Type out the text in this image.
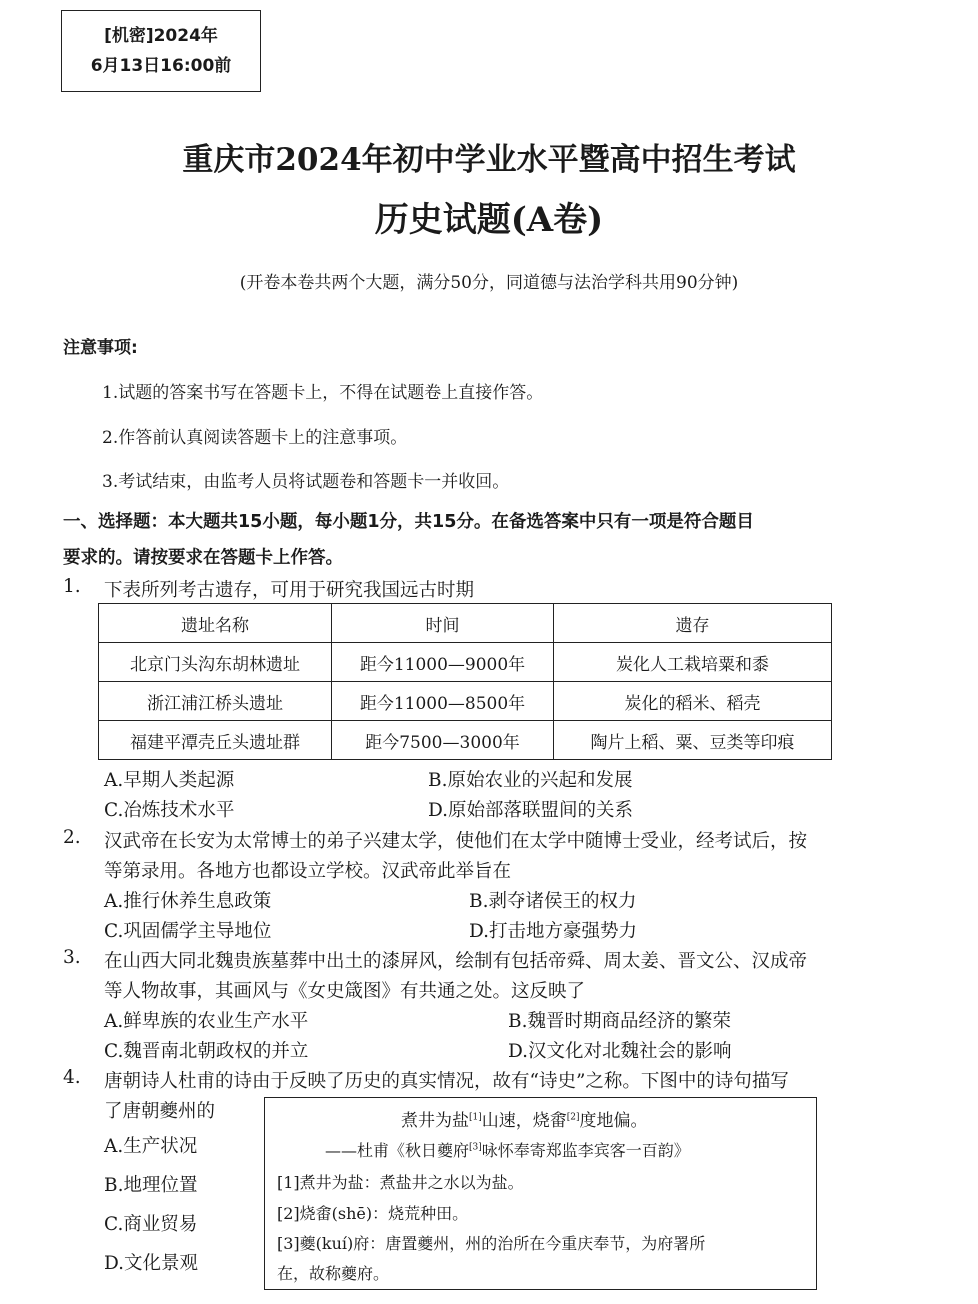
[机密]2024年
6月13日16:00前
重庆市2024年初中学业水平暨高中招生考试
历史试题(A卷)
(开卷本卷共两个大题，满分50分，同道德与法治学科共用90分钟)
注意事项:
1.试题的答案书写在答题卡上，不得在试题卷上直接作答。
2.作答前认真阅读答题卡上的注意事项。
3.考试结束，由监考人员将试题卷和答题卡一并收回。
一、选择题：本大题共15小题，每小题1分，共15分。在备选答案中只有一项是符合题目
要求的。请按要求在答题卡上作答。
1. 下表所列考古遗存，可用于研究我国远古时期
遗址名称	时间	遗存
北京门头沟东胡林遗址	距今11000—9000年	炭化人工栽培粟和黍
浙江浦江桥头遗址	距今11000—8500年	炭化的稻米、稻壳
福建平潭壳丘头遗址群	距今7500—3000年	陶片上稻、粟、豆类等印痕
A.早期人类起源	B.原始农业的兴起和发展
C.冶炼技术水平	D.原始部落联盟间的关系
2. 汉武帝在长安为太常博士的弟子兴建太学，使他们在太学中随博士受业，经考试后，按
等第录用。各地方也都设立学校。汉武帝此举旨在
A.推行休养生息政策	B.剥夺诸侯王的权力
C.巩固儒学主导地位	D.打击地方豪强势力
3. 在山西大同北魏贵族墓葬中出土的漆屏风，绘制有包括帝舜、周太姜、晋文公、汉成帝
等人物故事，其画风与《女史箴图》有共通之处。这反映了
A.鲜卑族的农业生产水平	B.魏晋时期商品经济的繁荣
C.魏晋南北朝政权的并立	D.汉文化对北魏社会的影响
4. 唐朝诗人杜甫的诗由于反映了历史的真实情况，故有“诗史”之称。下图中的诗句描写
了唐朝夔州的
A.生产状况
B.地理位置
C.商业贸易
D.文化景观
煮井为盐[1]山速，烧畬[2]度地偏。
——杜甫《秋日夔府[3]咏怀奉寄郑监李宾客一百韵》
[1]煮井为盐：煮盐井之水以为盐。
[2]烧畬(shē)：烧荒种田。
[3]夔(kuí)府：唐置夔州，州的治所在今重庆奉节，为府署所
在，故称夔府。
